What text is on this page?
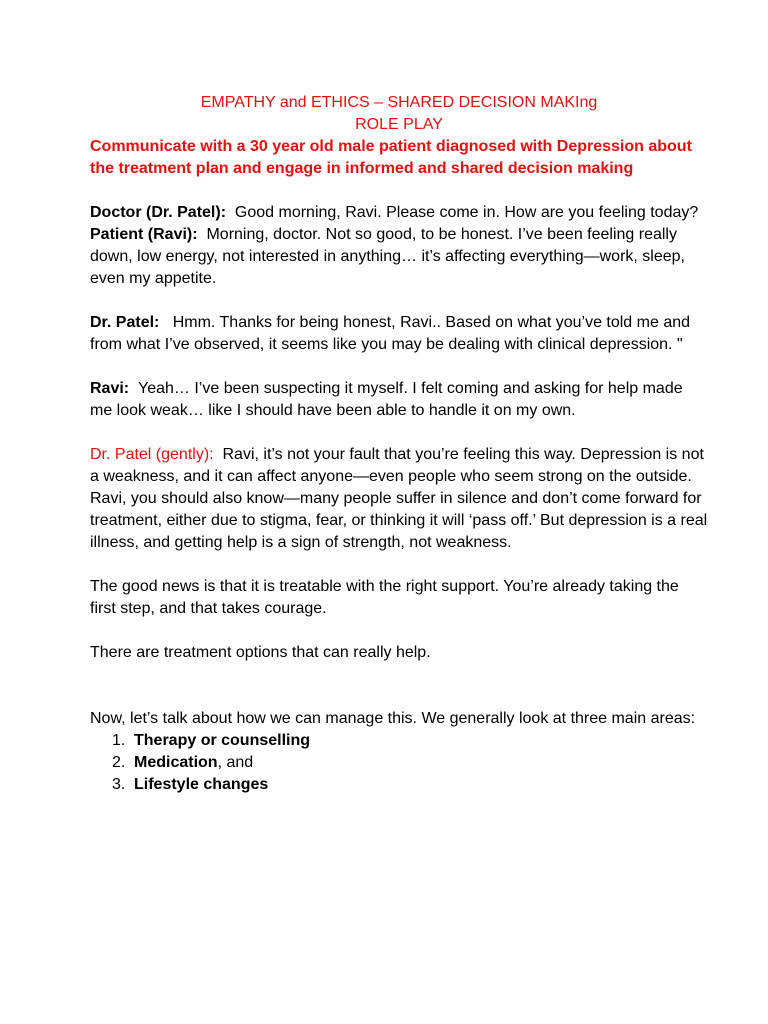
EMPATHY and ETHICS – SHARED DECISION MAKIng
ROLE PLAY

Communicate with a 30 year old male patient diagnosed with Depression about the treatment plan and engage in informed and shared decision making

Doctor (Dr. Patel): Good morning, Ravi. Please come in. How are you feeling today?

Patient (Ravi): Morning, doctor. Not so good, to be honest. I’ve been feeling really down, low energy, not interested in anything… it’s affecting everything—work, sleep, even my appetite.

Dr. Patel: Hmm. Thanks for being honest, Ravi.. Based on what you’ve told me and from what I’ve observed, it seems like you may be dealing with clinical depression. "

Ravi: Yeah… I’ve been suspecting it myself. I felt coming and asking for help made me look weak… like I should have been able to handle it on my own.

Dr. Patel (gently): Ravi, it’s not your fault that you’re feeling this way. Depression is not a weakness, and it can affect anyone—even people who seem strong on the outside.

Ravi, you should also know—many people suffer in silence and don’t come forward for treatment, either due to stigma, fear, or thinking it will ‘pass off.’ But depression is a real illness, and getting help is a sign of strength, not weakness.

The good news is that it is treatable with the right support. You’re already taking the first step, and that takes courage.

There are treatment options that can really help.

Now, let’s talk about how we can manage this. We generally look at three main areas:

1. Therapy or counselling
2. Medication, and
3. Lifestyle changes
